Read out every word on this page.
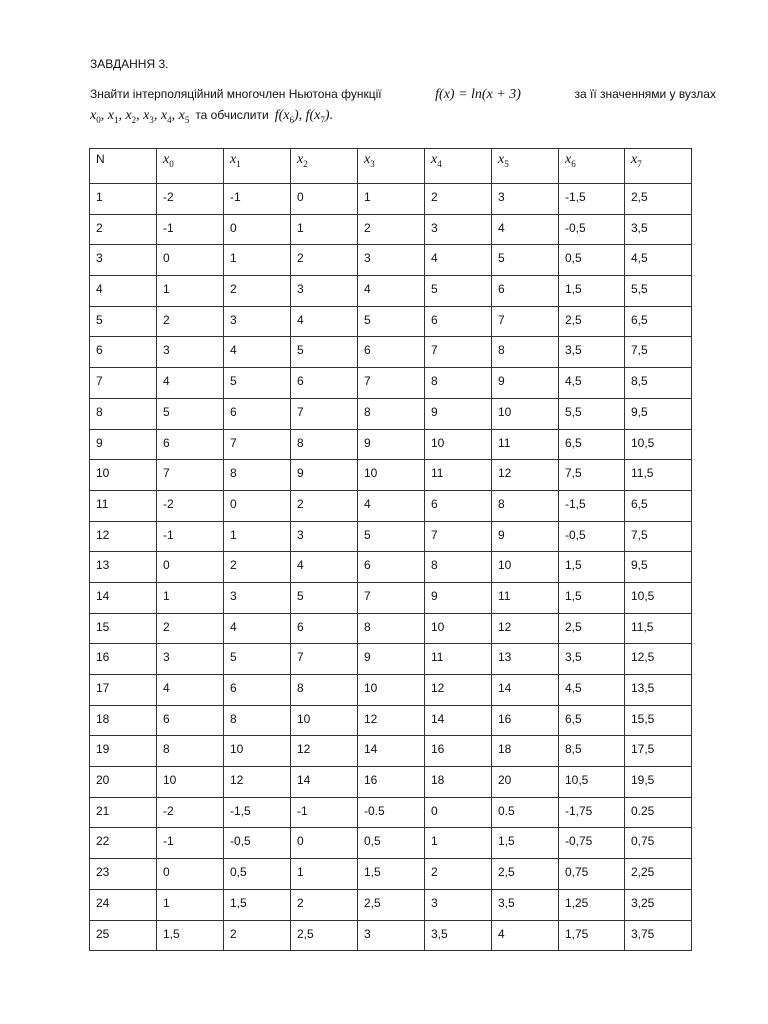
ЗАВДАННЯ 3.
Знайти інтерполяційний многочлен Ньютона функції	f(x) = ln(x + 3)	за її значеннями у вузлах
$x_0$, $x_1$, $x_2$, $x_3$, $x_4$, $x_5$ та обчислити $f(x_6)$, $f(x_7)$.
N	$x_0$	$x_1$	$x_2$	$x_3$	$x_4$	$x_5$	$x_6$	$x_7$
1	-2	-1	0	1	2	3	-1,5	2,5
2	-1	0	1	2	3	4	-0,5	3,5
3	0	1	2	3	4	5	0,5	4,5
4	1	2	3	4	5	6	1,5	5,5
5	2	3	4	5	6	7	2,5	6,5
6	3	4	5	6	7	8	3,5	7,5
7	4	5	6	7	8	9	4,5	8,5
8	5	6	7	8	9	10	5,5	9,5
9	6	7	8	9	10	11	6,5	10,5
10	7	8	9	10	11	12	7,5	11,5
11	-2	0	2	4	6	8	-1,5	6,5
12	-1	1	3	5	7	9	-0,5	7,5
13	0	2	4	6	8	10	1,5	9,5
14	1	3	5	7	9	11	1,5	10,5
15	2	4	6	8	10	12	2,5	11,5
16	3	5	7	9	11	13	3,5	12,5
17	4	6	8	10	12	14	4,5	13,5
18	6	8	10	12	14	16	6,5	15,5
19	8	10	12	14	16	18	8,5	17,5
20	10	12	14	16	18	20	10,5	19,5
21	-2	-1,5	-1	-0.5	0	0.5	-1,75	0.25
22	-1	-0,5	0	0,5	1	1,5	-0,75	0,75
23	0	0,5	1	1,5	2	2,5	0,75	2,25
24	1	1,5	2	2,5	3	3,5	1,25	3,25
25	1,5	2	2,5	3	3,5	4	1,75	3,75
